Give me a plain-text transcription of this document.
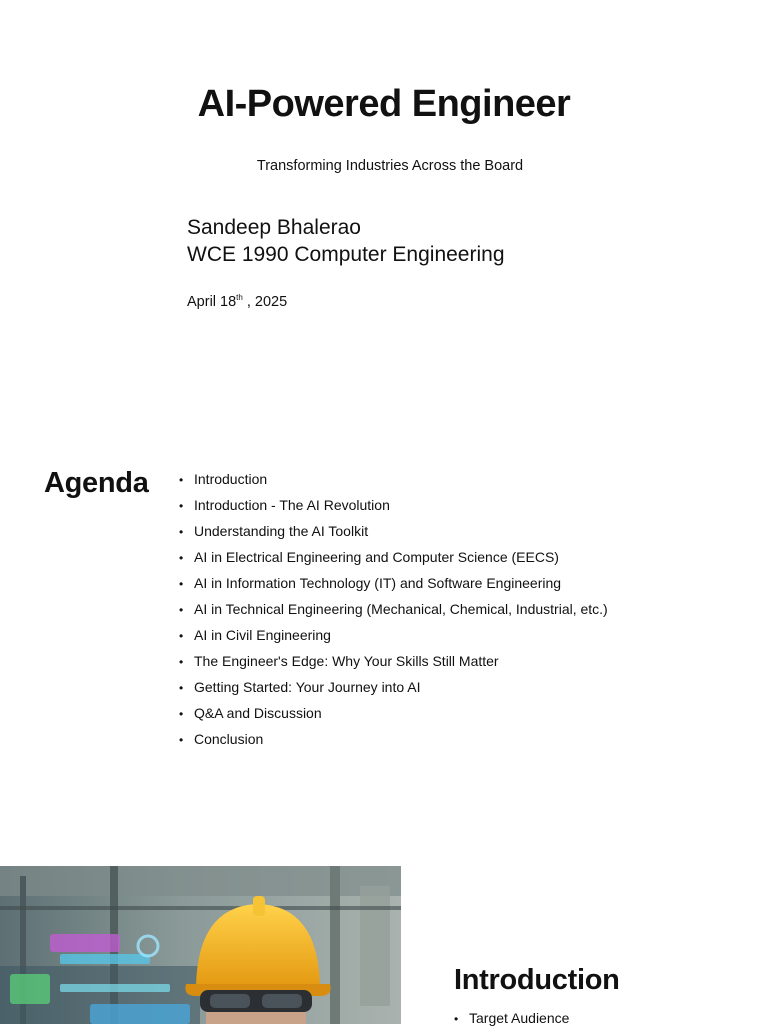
AI-Powered Engineer
Transforming Industries Across the Board
Sandeep Bhalerao
WCE 1990 Computer Engineering
April 18th , 2025
Agenda	• Introduction
• Introduction - The AI Revolution
• Understanding the AI Toolkit
• AI in Electrical Engineering and Computer Science (EECS)
• AI in Information Technology (IT) and Software Engineering
• AI in Technical Engineering (Mechanical, Chemical, Industrial, etc.)
• AI in Civil Engineering
• The Engineer's Edge: Why Your Skills Still Matter
• Getting Started: Your Journey into AI
• Q&A and Discussion
• Conclusion
Introduction
• Target Audience
